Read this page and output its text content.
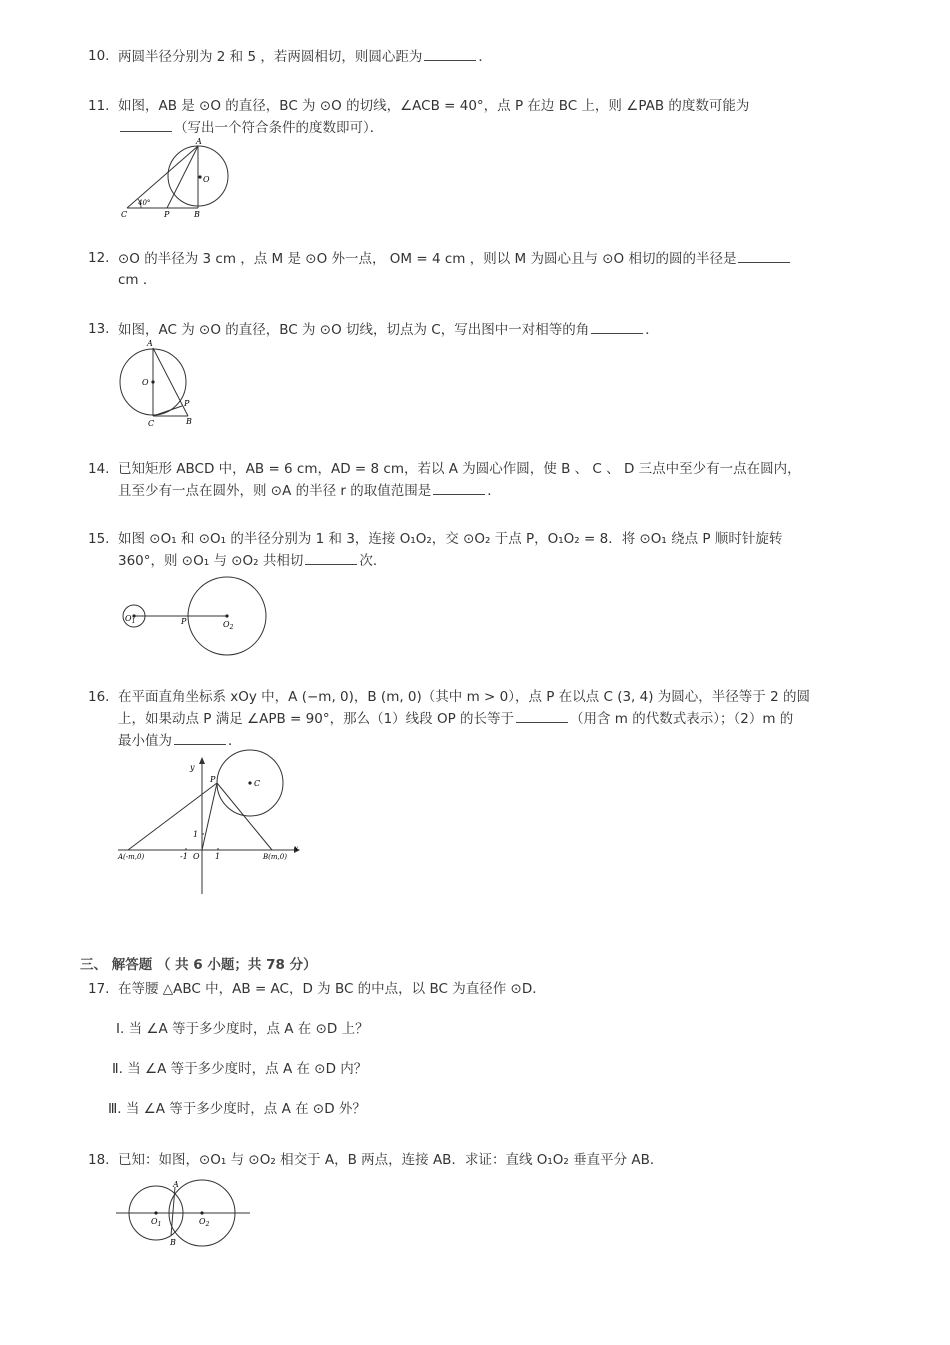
10. 两圆半径分别为 2 和 5 ，若两圆相切，则圆心距为	．
11. 如图，AB 是 ⊙O 的直径，BC 为 ⊙O 的切线，∠ACB = 40°，点 P 在边 BC 上，则 ∠PAB 的度数可能为
（写出一个符合条件的度数即可）．
A
O
C	P	B
40°
12. ⊙O 的半径为 3 cm ，点 M 是 ⊙O 外一点， OM = 4 cm ，则以 M 为圆心且与 ⊙O 相切的圆的半径是
cm ．
13. 如图，AC 为 ⊙O 的直径，BC 为 ⊙O 切线，切点为 C，写出图中一对相等的角	．
A
O
P
C	B
14. 已知矩形 ABCD 中，AB = 6 cm，AD = 8 cm，若以 A 为圆心作圆，使 B 、 C 、 D 三点中至少有一点在圆内，
且至少有一点在圆外，则 ⊙A 的半径 r 的取值范围是	．
15. 如图 ⊙O₁ 和 ⊙O₁ 的半径分别为 1 和 3，连接 O₁O₂，交 ⊙O₂ 于点 P，O₁O₂ = 8．将 ⊙O₁ 绕点 P 顺时针旋转
360°，则 ⊙O₁ 与 ⊙O₂ 共相切	次．
$O_1$	P	$O_2$
16. 在平面直角坐标系 xOy 中，A (−m, 0)，B (m, 0)（其中 m > 0），点 P 在以点 C (3, 4) 为圆心，半径等于 2 的圆
上，如果动点 P 满足 ∠APB = 90°，那么（1）线段 OP 的长等于	（用含 m 的代数式表示）；（2）m 的
最小值为	．
y
x
P	C
1
-1 O 1
A(-m,0)	B(m,0)
三、 解答题 （ 共 6 小题；共 78 分）
17. 在等腰 △ABC 中，AB = AC，D 为 BC 的中点，以 BC 为直径作 ⊙D．
Ⅰ. 当 ∠A 等于多少度时，点 A 在 ⊙D 上？
Ⅱ. 当 ∠A 等于多少度时，点 A 在 ⊙D 内？
Ⅲ. 当 ∠A 等于多少度时，点 A 在 ⊙D 外？
18. 已知：如图，⊙O₁ 与 ⊙O₂ 相交于 A，B 两点，连接 AB．求证：直线 O₁O₂ 垂直平分 AB．
A
B
$O_1$	$O_2$
